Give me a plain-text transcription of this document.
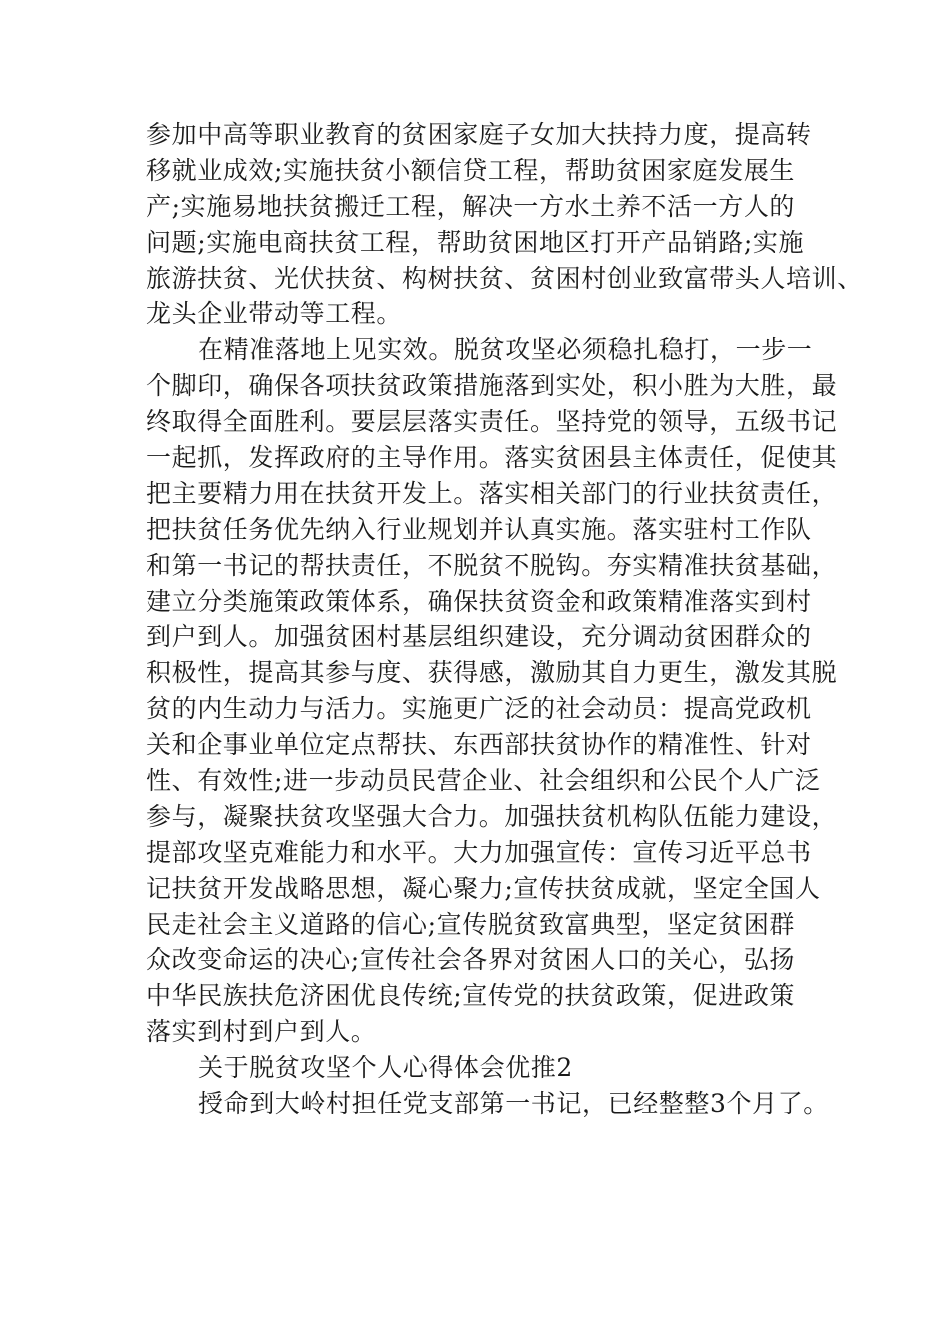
参加中高等职业教育的贫困家庭子女加大扶持力度，提高转
移就业成效;实施扶贫小额信贷工程，帮助贫困家庭发展生
产;实施易地扶贫搬迁工程，解决一方水土养不活一方人的
问题;实施电商扶贫工程，帮助贫困地区打开产品销路;实施
旅游扶贫、光伏扶贫、构树扶贫、贫困村创业致富带头人培训、
龙头企业带动等工程。
在精准落地上见实效。脱贫攻坚必须稳扎稳打，一步一
个脚印，确保各项扶贫政策措施落到实处，积小胜为大胜，最
终取得全面胜利。要层层落实责任。坚持党的领导，五级书记
一起抓，发挥政府的主导作用。落实贫困县主体责任，促使其
把主要精力用在扶贫开发上。落实相关部门的行业扶贫责任，
把扶贫任务优先纳入行业规划并认真实施。落实驻村工作队
和第一书记的帮扶责任，不脱贫不脱钩。夯实精准扶贫基础，
建立分类施策政策体系，确保扶贫资金和政策精准落实到村
到户到人。加强贫困村基层组织建设，充分调动贫困群众的
积极性，提高其参与度、获得感，激励其自力更生，激发其脱
贫的内生动力与活力。实施更广泛的社会动员：提高党政机
关和企事业单位定点帮扶、东西部扶贫协作的精准性、针对
性、有效性;进一步动员民营企业、社会组织和公民个人广泛
参与，凝聚扶贫攻坚强大合力。加强扶贫机构队伍能力建设，
提部攻坚克难能力和水平。大力加强宣传：宣传习近平总书
记扶贫开发战略思想，凝心聚力;宣传扶贫成就，坚定全国人
民走社会主义道路的信心;宣传脱贫致富典型，坚定贫困群
众改变命运的决心;宣传社会各界对贫困人口的关心，弘扬
中华民族扶危济困优良传统;宣传党的扶贫政策，促进政策
落实到村到户到人。
关于脱贫攻坚个人心得体会优推2
授命到大岭村担任党支部第一书记，已经整整3个月了。
